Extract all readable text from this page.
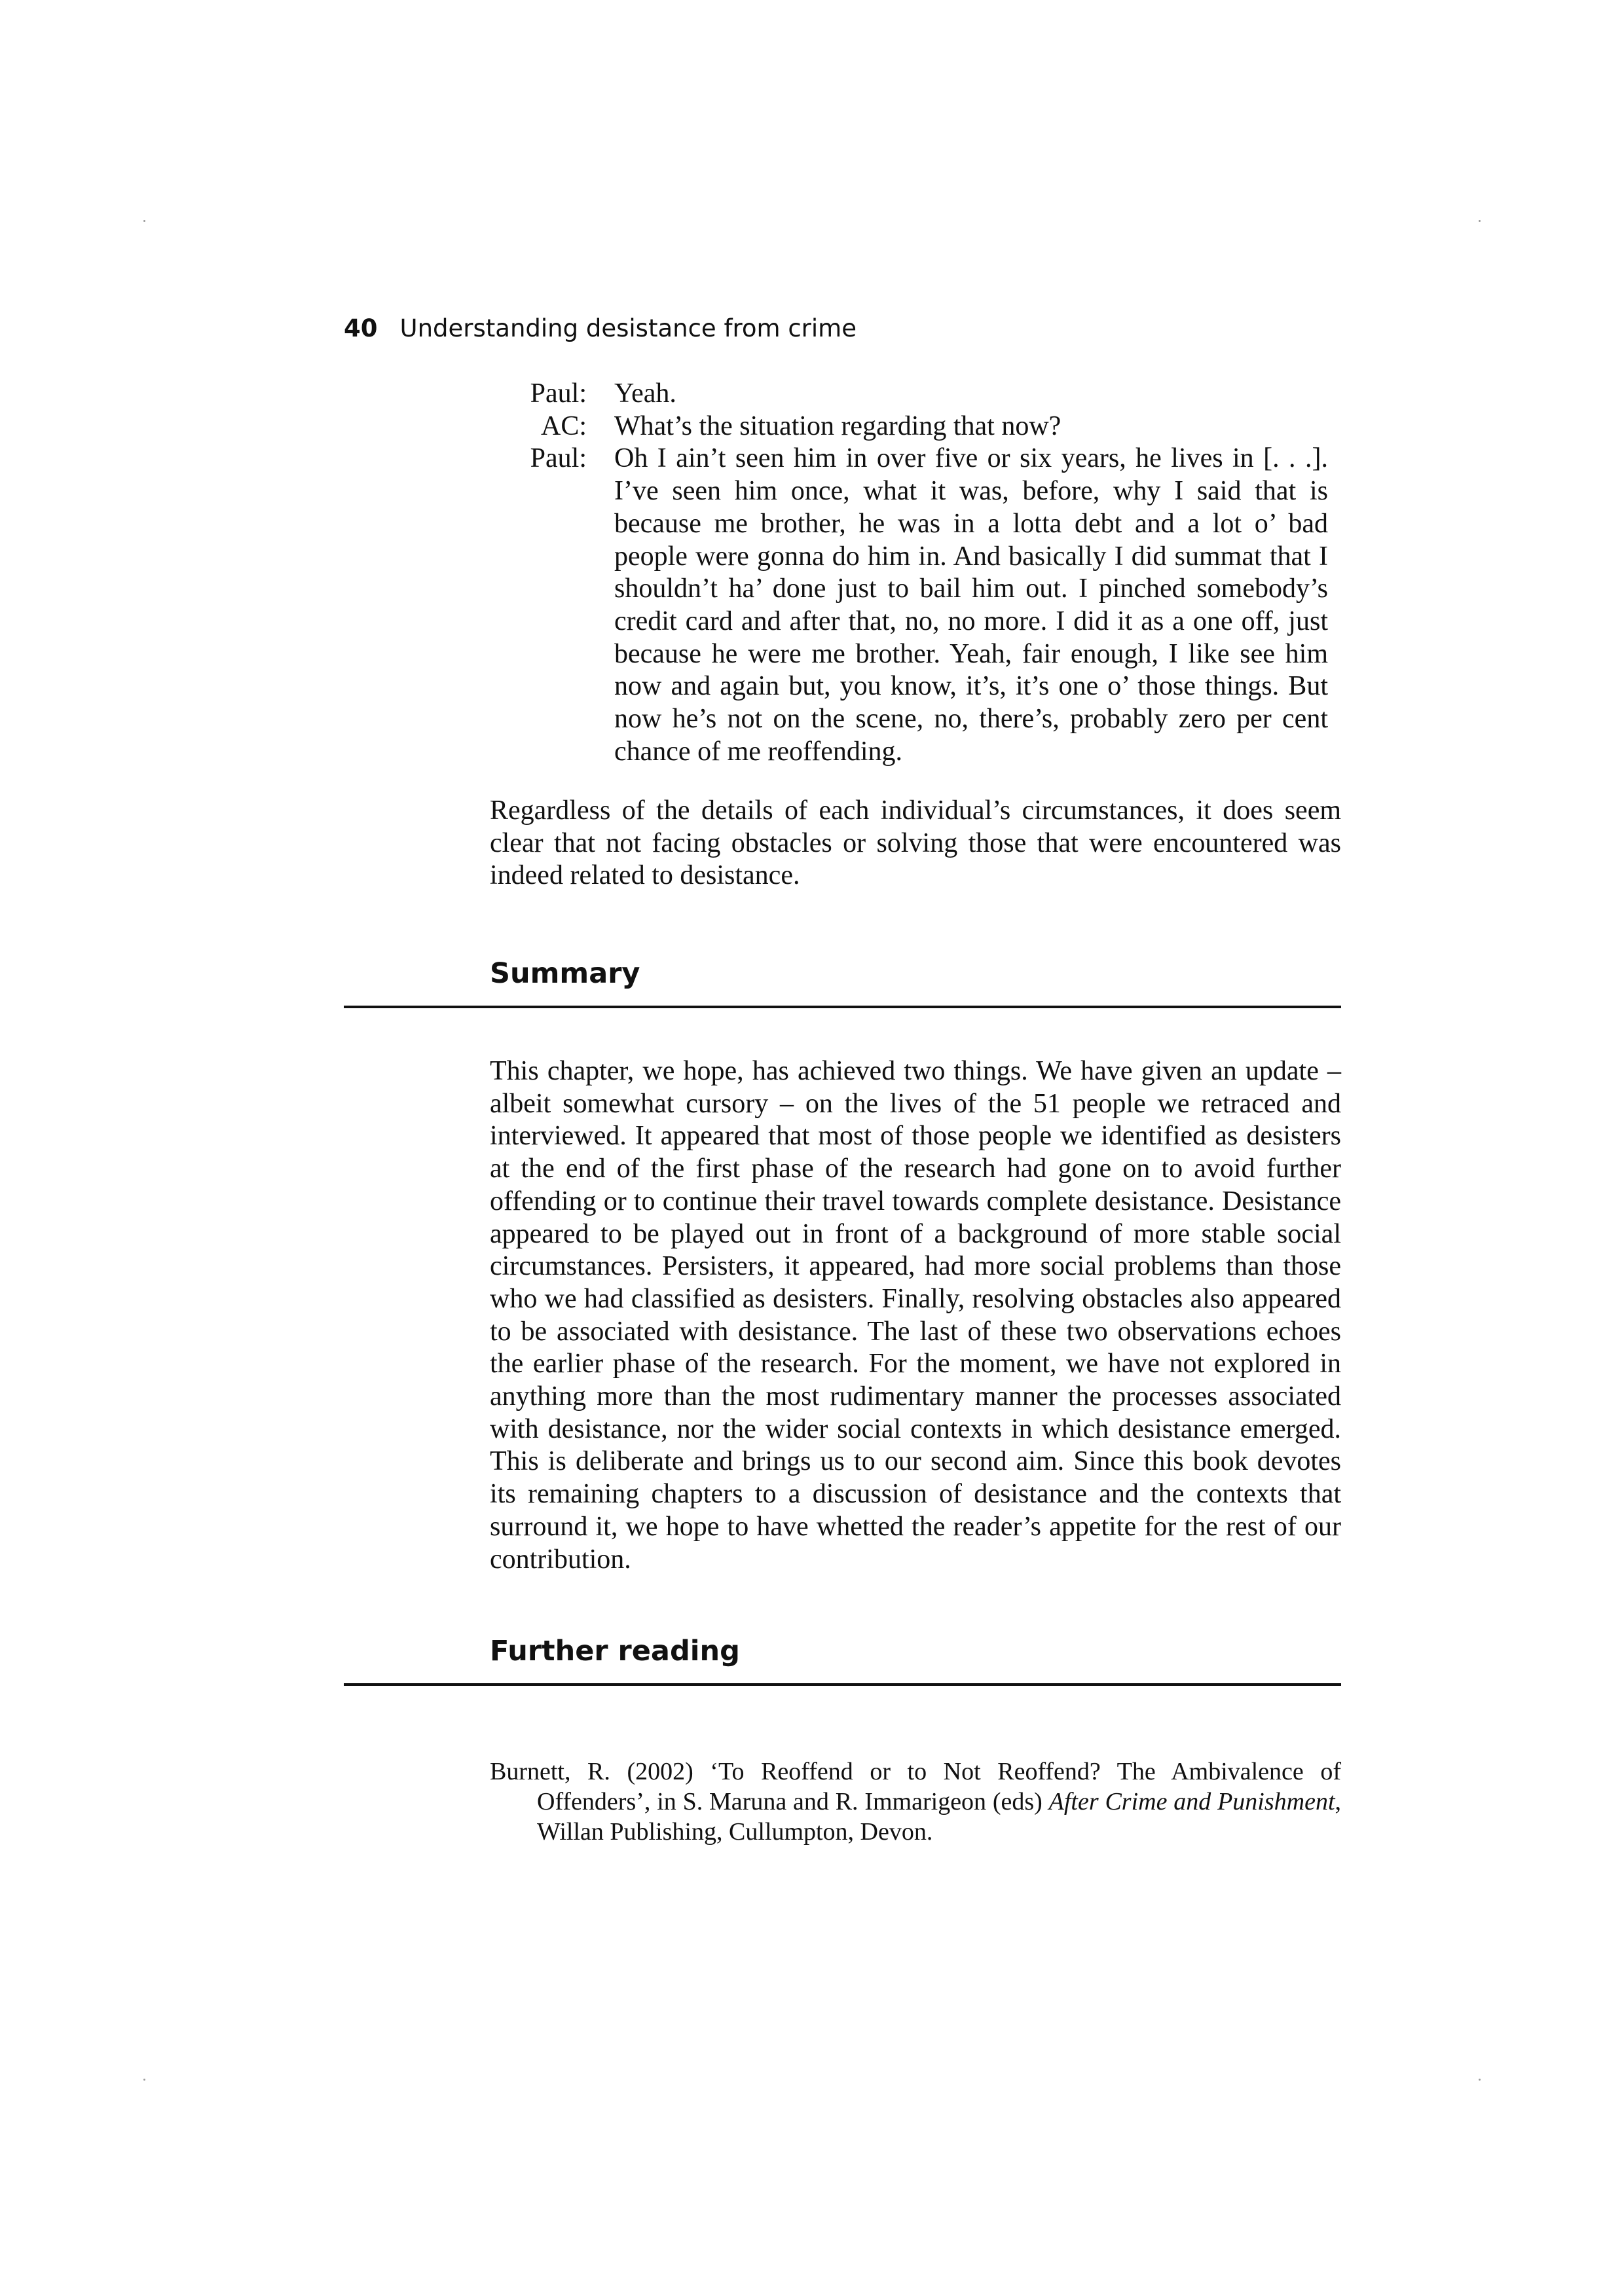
40 Understanding desistance from crime
Paul:	Yeah.
AC:	What’s the situation regarding that now?
Paul:	Oh I ain’t seen him in over five or six years, he lives in [. . .]. I’ve seen him once, what it was, before, why I said that is because me brother, he was in a lotta debt and a lot o’ bad people were gonna do him in. And basically I did summat that I shouldn’t ha’ done just to bail him out. I pinched somebody’s credit card and after that, no, no more. I did it as a one off, just because he were me brother. Yeah, fair enough, I like see him now and again but, you know, it’s, it’s one o’ those things. But now he’s not on the scene, no, there’s, probably zero per cent chance of me reoffending.

Regardless of the details of each individual’s circumstances, it does seem clear that not facing obstacles or solving those that were encountered was indeed related to desistance.

Summary

This chapter, we hope, has achieved two things. We have given an update – albeit somewhat cursory – on the lives of the 51 people we retraced and interviewed. It appeared that most of those people we identified as desisters at the end of the first phase of the research had gone on to avoid further offending or to continue their travel towards complete desistance. Desistance appeared to be played out in front of a background of more stable social circumstances. Persisters, it appeared, had more social problems than those who we had classified as desisters. Finally, resolving obstacles also appeared to be associated with desistance. The last of these two observations echoes the earlier phase of the research. For the moment, we have not explored in anything more than the most rudimentary manner the processes associated with desistance, nor the wider social contexts in which desistance emerged. This is deliberate and brings us to our second aim. Since this book devotes its remaining chapters to a discussion of desistance and the contexts that surround it, we hope to have whetted the reader’s appetite for the rest of our contribution.

Further reading

Burnett, R. (2002) ‘To Reoffend or to Not Reoffend? The Ambivalence of Offenders’, in S. Maruna and R. Immarigeon (eds) After Crime and Punishment, Willan Publishing, Cullumpton, Devon.
